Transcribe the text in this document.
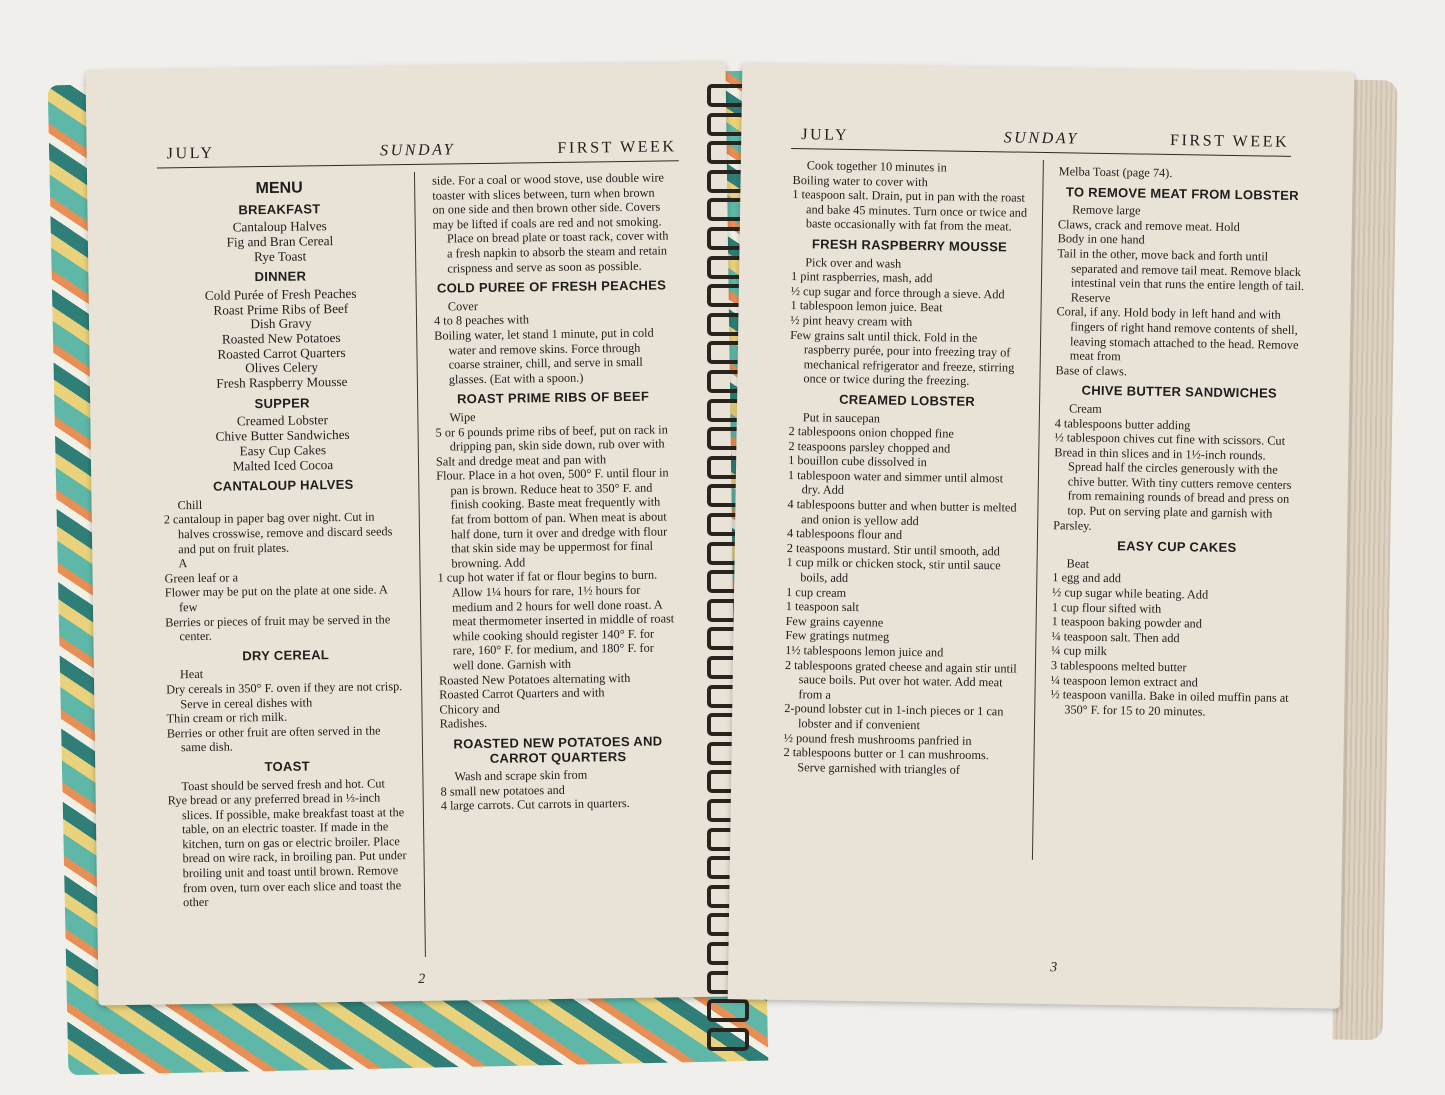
JULY	SUNDAY	FIRST WEEK

MENU

BREAKFAST

Cantaloup Halves

Fig and Bran Cereal

Rye Toast

DINNER

Cold Purée of Fresh Peaches

Roast Prime Ribs of Beef

Dish Gravy

Roasted New Potatoes

Roasted Carrot Quarters

Olives Celery

Fresh Raspberry Mousse

SUPPER

Creamed Lobster

Chive Butter Sandwiches

Easy Cup Cakes

Malted Iced Cocoa

CANTALOUP HALVES

Chill

2 cantaloup in paper bag over night. Cut in halves crosswise, remove and discard seeds and put on fruit plates.

A

Green leaf or a

Flower may be put on the plate at one side. A few

Berries or pieces of fruit may be served in the center.

DRY CEREAL

Heat

Dry cereals in 350° F. oven if they are not crisp. Serve in cereal dishes with

Thin cream or rich milk.

Berries or other fruit are often served in the same dish.

TOAST

Toast should be served fresh and hot. Cut

Rye bread or any preferred bread in ⅓-inch slices. If possible, make breakfast toast at the table, on an electric toaster. If made in the kitchen, turn on gas or electric broiler. Place bread on wire rack, in broiling pan. Put under broiling unit and toast until brown. Remove from oven, turn over each slice and toast the other

side. For a coal or wood stove, use double wire toaster with slices between, turn when brown on one side and then brown other side. Covers may be lifted if coals are red and not smoking.

Place on bread plate or toast rack, cover with a fresh napkin to absorb the steam and retain crispness and serve as soon as possible.

COLD PUREE OF FRESH PEACHES

Cover

4 to 8 peaches with

Boiling water, let stand 1 minute, put in cold water and remove skins. Force through coarse strainer, chill, and serve in small glasses. (Eat with a spoon.)

ROAST PRIME RIBS OF BEEF

Wipe

5 or 6 pounds prime ribs of beef, put on rack in dripping pan, skin side down, rub over with

Salt and dredge meat and pan with

Flour. Place in a hot oven, 500° F. until flour in pan is brown. Reduce heat to 350° F. and finish cooking. Baste meat frequently with fat from bottom of pan. When meat is about half done, turn it over and dredge with flour that skin side may be uppermost for final browning. Add

1 cup hot water if fat or flour begins to burn. Allow 1¼ hours for rare, 1½ hours for medium and 2 hours for well done roast. A meat thermometer inserted in middle of roast while cooking should register 140° F. for rare, 160° F. for medium, and 180° F. for well done. Garnish with

Roasted New Potatoes alternating with

Roasted Carrot Quarters and with

Chicory and

Radishes.

ROASTED NEW POTATOES AND CARROT QUARTERS

Wash and scrape skin from

8 small new potatoes and

4 large carrots. Cut carrots in quarters.

2
JULY	SUNDAY	FIRST WEEK

Cook together 10 minutes in

Boiling water to cover with

1 teaspoon salt. Drain, put in pan with the roast and bake 45 minutes. Turn once or twice and baste occasionally with fat from the meat.

FRESH RASPBERRY MOUSSE

Pick over and wash

1 pint raspberries, mash, add

½ cup sugar and force through a sieve. Add

1 tablespoon lemon juice. Beat

½ pint heavy cream with

Few grains salt until thick. Fold in the raspberry purée, pour into freezing tray of mechanical refrigerator and freeze, stirring once or twice during the freezing.

CREAMED LOBSTER

Put in saucepan

2 tablespoons onion chopped fine

2 teaspoons parsley chopped and

1 bouillon cube dissolved in

1 tablespoon water and simmer until almost dry. Add

4 tablespoons butter and when butter is melted and onion is yellow add

4 tablespoons flour and

2 teaspoons mustard. Stir until smooth, add

1 cup milk or chicken stock, stir until sauce boils, add

1 cup cream

1 teaspoon salt

Few grains cayenne

Few gratings nutmeg

1½ tablespoons lemon juice and

2 tablespoons grated cheese and again stir until sauce boils. Put over hot water. Add meat from a

2-pound lobster cut in 1-inch pieces or 1 can lobster and if convenient

½ pound fresh mushrooms panfried in

2 tablespoons butter or 1 can mushrooms. Serve garnished with triangles of

Melba Toast (page 74).

TO REMOVE MEAT FROM LOBSTER

Remove large

Claws, crack and remove meat. Hold

Body in one hand

Tail in the other, move back and forth until separated and remove tail meat. Remove black intestinal vein that runs the entire length of tail. Reserve

Coral, if any. Hold body in left hand and with fingers of right hand remove contents of shell, leaving stomach attached to the head. Remove meat from

Base of claws.

CHIVE BUTTER SANDWICHES

Cream

4 tablespoons butter adding

½ tablespoon chives cut fine with scissors. Cut

Bread in thin slices and in 1½-inch rounds. Spread half the circles generously with the chive butter. With tiny cutters remove centers from remaining rounds of bread and press on top. Put on serving plate and garnish with

Parsley.

EASY CUP CAKES

Beat

1 egg and add

½ cup sugar while beating. Add

1 cup flour sifted with

1 teaspoon baking powder and

¼ teaspoon salt. Then add

¼ cup milk

3 tablespoons melted butter

¼ teaspoon lemon extract and

½ teaspoon vanilla. Bake in oiled muffin pans at 350° F. for 15 to 20 minutes.

3
